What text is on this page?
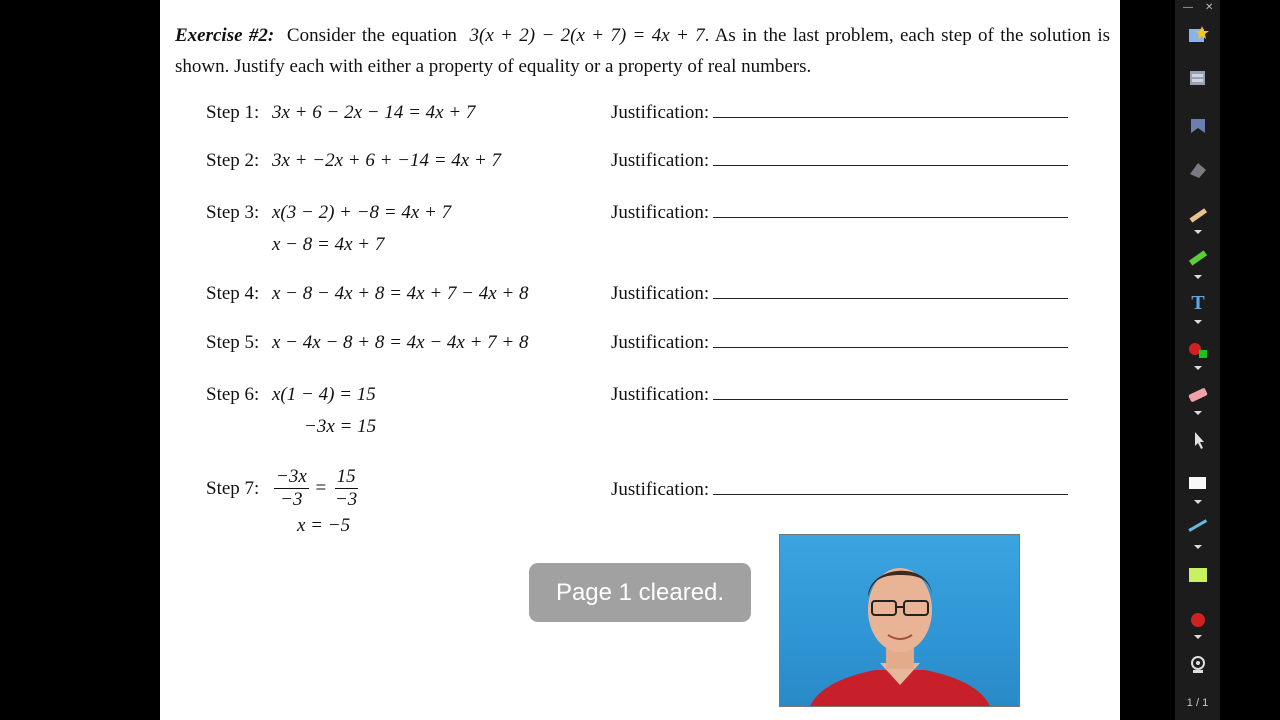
Exercise #2: Consider the equation 3(x + 2) − 2(x + 7) = 4x + 7. As in the last problem, each step of the solution is shown. Justify each with either a property of equality or a property of real numbers.
Step 1: 3x + 6 − 2x − 14 = 4x + 7	Justification:
Step 2: 3x + −2x + 6 + −14 = 4x + 7	Justification:
Step 3: x(3 − 2) + −8 = 4x + 7
x − 8 = 4x + 7
Justification:
Step 4: x − 8 − 4x + 8 = 4x + 7 − 4x + 8	Justification:
Step 5: x − 4x − 8 + 8 = 4x − 4x + 7 + 8	Justification:
Step 6: x(1 − 4) = 15
−3x = 15
Justification:
Step 7: $\frac{-3x}{-3} = \frac{15}{-3}$

x = −5
Justification:
Page 1 cleared.
— ✕
T
1 / 1
